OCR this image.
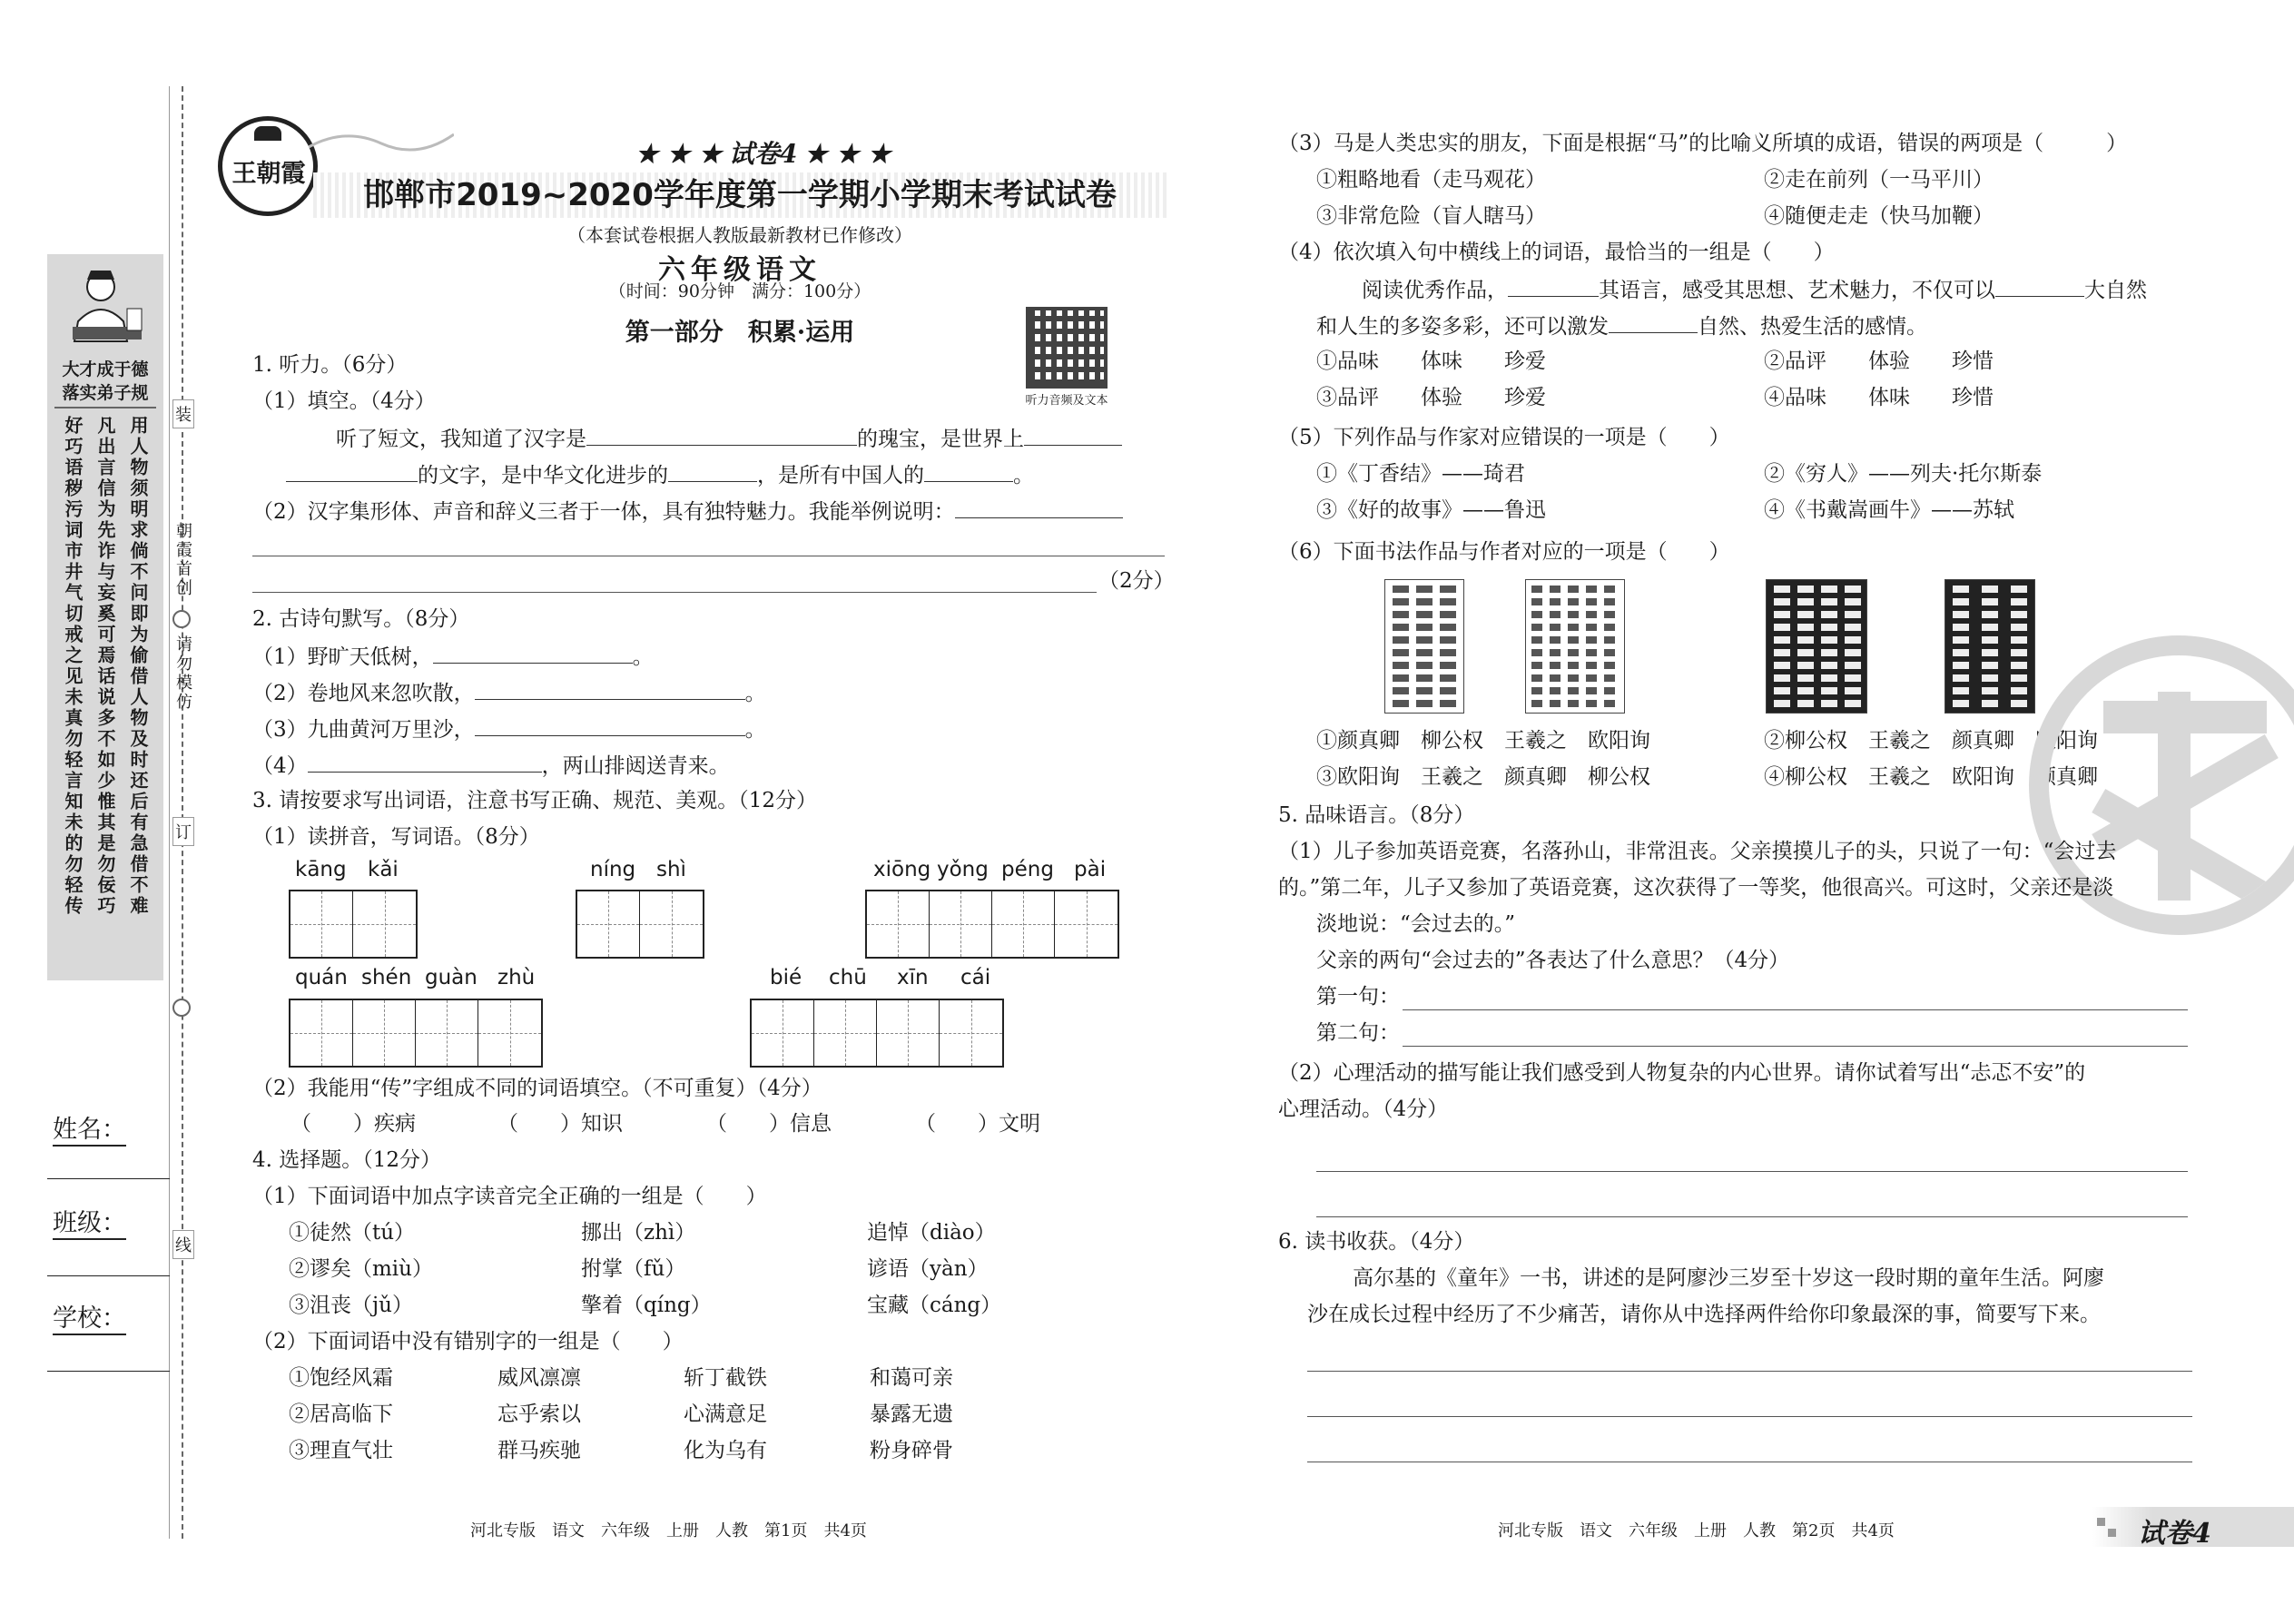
大才成于德
落实弟子规
好巧语秽污词市井气切戒之见未真勿轻言知未的勿轻传 凡出言信为先诈与妄奚可焉话说多不如少惟其是勿佞巧 用人物须明求倘不问即为偷借人物及时还后有急借不难
装
朝霞首创
请勿模仿
订
线
姓名：
班级：
学校：
王朝霞
★ ★ ★ 试卷4 ★ ★ ★
邯郸市2019~2020学年度第一学期小学期末考试试卷
（本套试卷根据人教版最新教材已作修改）
六年级语文
（时间：90分钟　满分：100分）
第一部分　积累·运用
听力音频及文本
1. 听力。（6分）
（1）填空。（4分）
听了短文，我知道了汉字是	的瑰宝，是世界上
的文字，是中华文化进步的	，是所有中国人的	。
（2）汉字集形体、声音和辞义三者于一体，具有独特魅力。我能举例说明：
（2分）
2. 古诗句默写。（8分）
（1）野旷天低树，	。
（2）卷地风来忽吹散，	。
（3）九曲黄河万里沙，	。
（4）	，两山排闼送青来。
3. 请按要求写出词语，注意书写正确、规范、美观。（12分）
（1）读拼音，写词语。（8分）
kāng kǎi	níng shì	xiōng yǒng péng pài
quán shén guàn zhù	bié chū xīn cái
（2）我能用“传”字组成不同的词语填空。（不可重复）（4分）
（　　）疾病	（　　）知识	（　　）信息	（　　）文明
4. 选择题。（12分）
（1）下面词语中加点字读音完全正确的一组是（　　）
①徒然（tú）	挪出（zhì）	追悼（diào）
②谬矣（miù）	拊掌（fǔ）	谚语（yàn）
③沮丧（jǔ）	擎着（qíng）	宝藏（cáng）
（2）下面词语中没有错别字的一组是（　　）
①饱经风霜	威风凛凛	斩丁截铁	和蔼可亲
②居高临下	忘乎索以	心满意足	暴露无遗
③理直气壮	群马疾驰	化为乌有	粉身碎骨
河北专版　语文　六年级　上册　人教　第1页　共4页
（3）马是人类忠实的朋友，下面是根据“马”的比喻义所填的成语，错误的两项是（　　　）
①粗略地看（走马观花）	②走在前列（一马平川）
③非常危险（盲人瞎马）	④随便走走（快马加鞭）
（4）依次填入句中横线上的词语，最恰当的一组是（　　）
阅读优秀作品，	其语言，感受其思想、艺术魅力，不仅可以	大自然
和人生的多姿多彩，还可以激发	自然、热爱生活的感情。
①品味　　体味　　珍爱	②品评　　体验　　珍惜
③品评　　体验　　珍爱	④品味　　体味　　珍惜
（5）下列作品与作家对应错误的一项是（　　）
①《丁香结》——琦君	②《穷人》——列夫·托尔斯泰
③《好的故事》——鲁迅	④《书戴嵩画牛》——苏轼
（6）下面书法作品与作者对应的一项是（　　）
①颜真卿　柳公权　王羲之　欧阳询	②柳公权　王羲之　颜真卿　欧阳询
③欧阳询　王羲之　颜真卿　柳公权	④柳公权　王羲之　欧阳询　颜真卿
5. 品味语言。（8分）
（1）儿子参加英语竞赛，名落孙山，非常沮丧。父亲摸摸儿子的头，只说了一句：“会过去
的。”第二年，儿子又参加了英语竞赛，这次获得了一等奖，他很高兴。可这时，父亲还是淡
淡地说：“会过去的。”
父亲的两句“会过去的”各表达了什么意思？（4分）
第一句：
第二句：
（2）心理活动的描写能让我们感受到人物复杂的内心世界。请你试着写出“忐忑不安”的
心理活动。（4分）
6. 读书收获。（4分）
高尔基的《童年》一书，讲述的是阿廖沙三岁至十岁这一段时期的童年生活。阿廖
沙在成长过程中经历了不少痛苦，请你从中选择两件给你印象最深的事，简要写下来。
河北专版　语文　六年级　上册　人教　第2页　共4页	试卷4
